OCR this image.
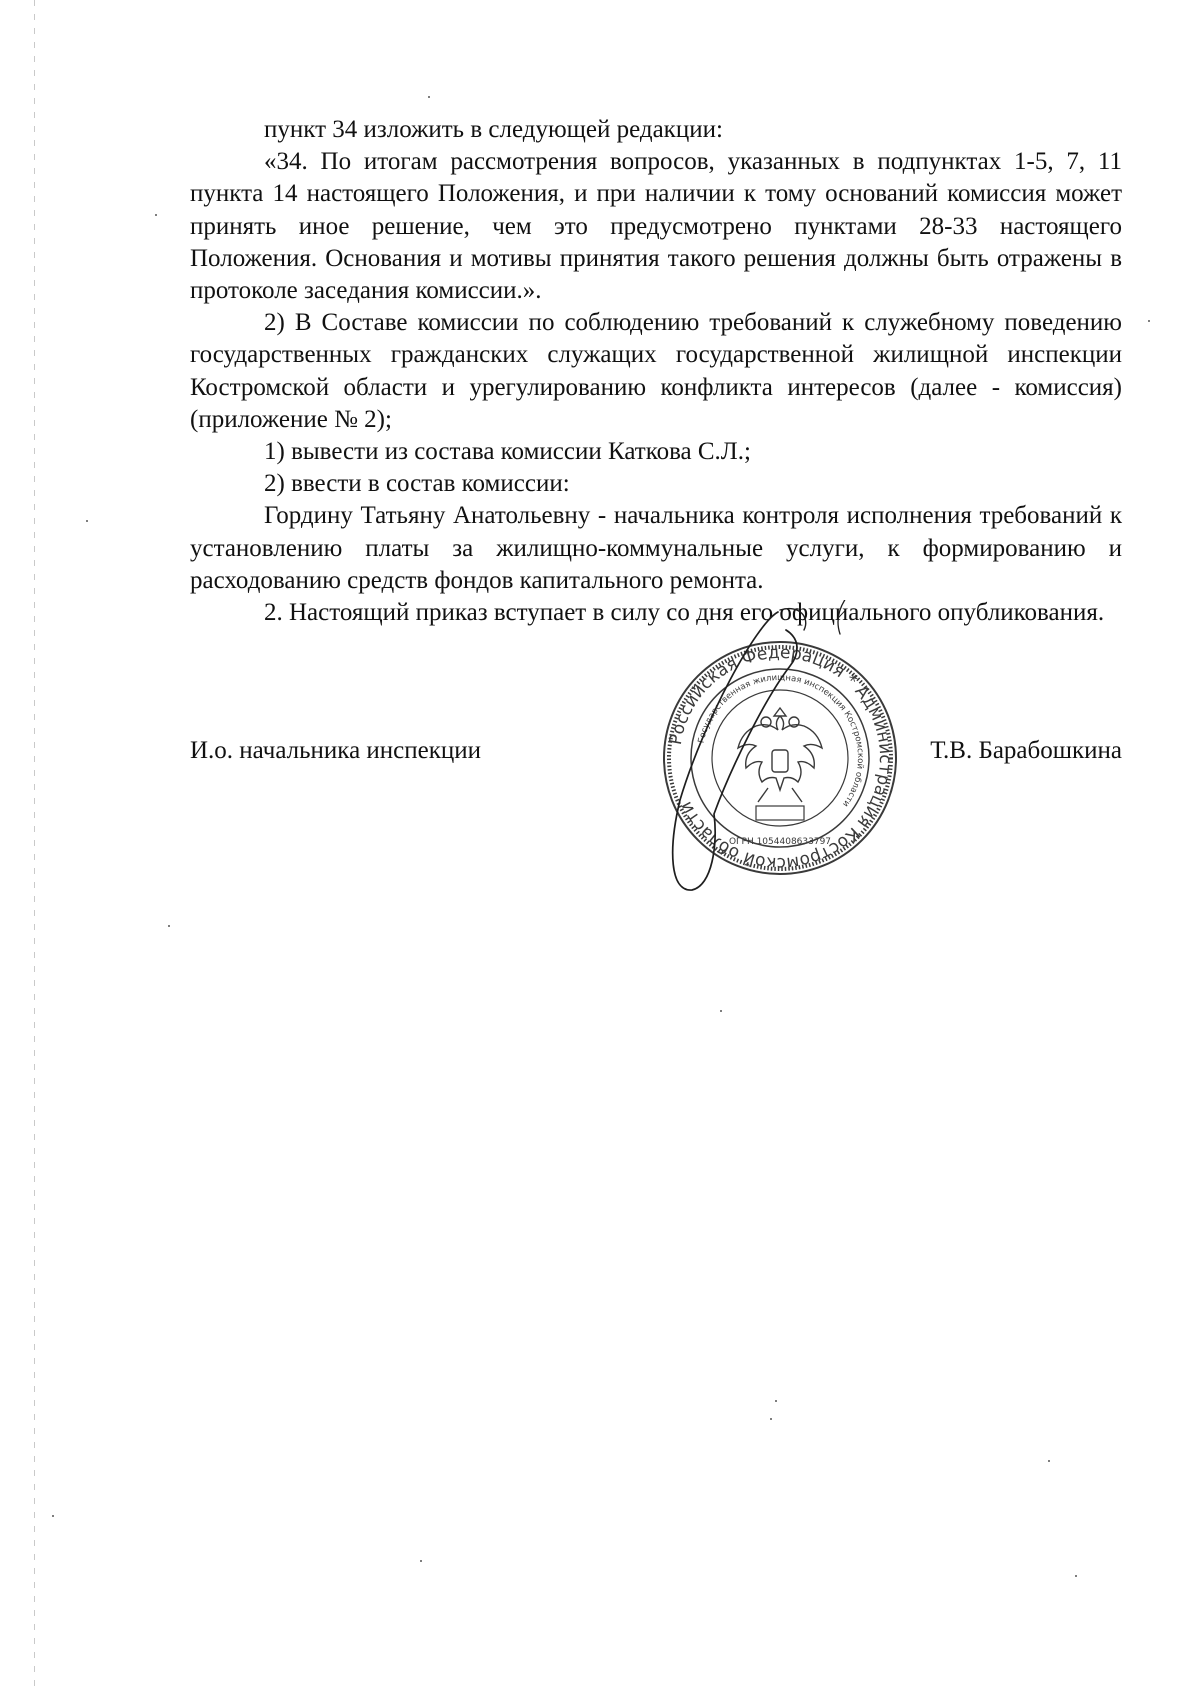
пункт 34 изложить в следующей редакции:

«34. По итогам рассмотрения вопросов, указанных в подпунктах 1-5, 7, 11 пункта 14 настоящего Положения, и при наличии к тому оснований комиссия может принять иное решение, чем это предусмотрено пунктами 28-33 настоящего Положения. Основания и мотивы принятия такого решения должны быть отражены в протоколе заседания комиссии.».

2) В Составе комиссии по соблюдению требований к служебному поведению государственных гражданских служащих государственной жилищной инспекции Костромской области и урегулированию конфликта интересов (далее - комиссия) (приложение № 2);

1) вывести из состава комиссии Каткова С.Л.;

2) ввести в состав комиссии:

Гордину Татьяну Анатольевну - начальника контроля исполнения требований к установлению платы за жилищно-коммунальные услуги, к формированию и расходованию средств фондов капитального ремонта.

2. Настоящий приказ вступает в силу со дня его официального опубликования.

И.о. начальника инспекции	Т.В. Барабошкина
Российская Федерация * Администрация Костромской области
Государственная жилищная инспекция Костромской области
ОГРН 1054408633797
